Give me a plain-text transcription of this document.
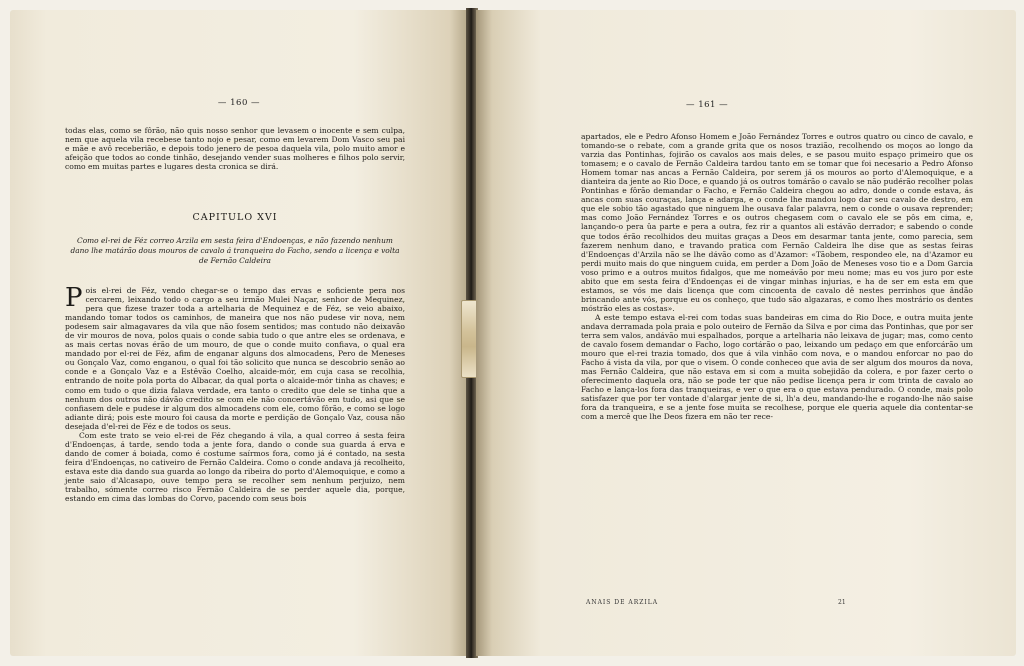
— 160 —

todas elas, como se fôrão, não quis nosso senhor que levasem o inocente e sem culpa, nem que aquela vila recebese tanto nojo e pesar, como em levarem Dom Vasco seu pai e mãe e avô receberião, e depois todo jenero de pesoa daquela vila, polo muito amor e afeição que todos ao conde tinhão, desejando vender suas molheres e filhos polo servir, como em muitas partes e lugares desta cronica se dirá.

CAPITULO XVI
Como el-rei de Féz correo Arzila em sesta feira d'Endoenças, e não fazendo nenhum dano lhe matárão dous mouros de cavalo á tranqueira do Facho, sendo a licença e volta de Fernão Caldeira

Pois el-rei de Féz, vendo chegar-se o tempo das ervas e soficiente pera nos cercarem, leixando todo o cargo a seu irmão Mulei Naçar, senhor de Mequinez, pera que fizese trazer toda a artelharia de Mequinez e de Féz, se veio abaixo, mandando tomar todos os caminhos, de maneira que nos não pudese vir nova, nem podesem sair almagavares da vila que não fosem sentidos; mas contudo não deixavão de vir mouros de nova, polos quais o conde sabia tudo o que antre eles se ordenava, e as mais certas novas érão de um mouro, de que o conde muito confiava, o qual era mandado por el-rei de Féz, afim de enganar alguns dos almocadens, Pero de Meneses ou Gonçalo Vaz, como enganou, o qual foi tão solicito que nunca se descobrio senão ao conde e a Gonçalo Vaz e a Estêvão Coelho, alcaide-mór, em cuja casa se recolhia, entrando de noite pola porta do Albacar, da qual porta o alcaide-mór tinha as chaves; e como em tudo o que dizia falava verdade, era tanto o credito que dele se tinha que a nenhum dos outros não dávão credito se com ele não concertávão em tudo, asi que se confiasem dele e pudese ir algum dos almocadens com ele, como fôrão, e como se logo adiante dirá; pois este mouro foi causa da morte e perdição de Gonçalo Vaz, cousa não desejada d'el-rei de Féz e de todos os seus.

Com este trato se veio el-rei de Féz chegando á vila, a qual correo á sesta feira d'Endoenças, á tarde, sendo toda a jente fora, dando o conde sua guarda á erva e dando de comer á boiada, como é costume saírmos fora, como já é contado, na sesta feira d'Endoenças, no cativeiro de Fernão Caldeira. Como o conde andava já recolheito, estava este dia dando sua guarda ao longo da ribeira do porto d'Alemoquique, e como a jente saio d'Alcasapo, ouve tempo pera se recolher sem nenhum perjuizo, nem trabalho, sómente correo risco Fernão Caldeira de se perder aquele dia, porque, estando em cima das lombas do Corvo, pacendo com seus bois

— 161 —

apartados, ele e Pedro Afonso Homem e João Fernández Torres e outros quatro ou cinco de cavalo, e tomando-se o rebate, com a grande grita que os nosos trazião, recolhendo os moços ao longo da varzia das Pontinhas, fojirão os cavalos aos mais deles, e se pasou muito espaço primeiro que os tomasem; e o cavalo de Fernão Caldeira tardou tanto em se tomar que foi necesario a Pedro Afonso Homem tomar nas ancas a Fernão Caldeira, por serem já os mouros ao porto d'Alemoquique, e a dianteira da jente ao Rio Doce, e quando já os outros tomárão o cavalo se não pudérão recolher polas Pontinhas e fôrão demandar o Facho, e Fernão Caldeira chegou ao adro, donde o conde estava, ás ancas com suas couraças, lança e adarga, e o conde lhe mandou logo dar seu cavalo de destro, em que ele sobio tão agastado que ninguem lhe ousava falar palavra, nem o conde o ousava reprender; mas como João Fernández Torres e os outros chegasem com o cavalo ele se pôs em cima, e, lançando-o pera ûa parte e pera a outra, fez rir a quantos ali estávão derrador; e sabendo o conde que todos érão recolhidos deu muitas graças a Deos em desarmar tanta jente, como parecia, sem fazerem nenhum dano, e travando pratica com Fernão Caldeira lhe dise que as sestas feiras d'Endoenças d'Arzila não se lhe dávão como as d'Azamor: «Tãobem, respondeo ele, na d'Azamor eu perdi muito mais do que ninguem cuida, em perder a Dom João de Meneses voso tio e a Dom Garcia voso primo e a outros muitos fidalgos, que me nomeávão por meu nome; mas eu vos juro por este abito que em sesta feira d'Endoenças ei de vingar minhas injurias, e ha de ser em esta em que estamos, se vós me dais licença que com cincoenta de cavalo dê nestes perrinhos que ândão brincando ante vós, porque eu os conheço, que tudo são algazaras, e como lhes mostrário os dentes móstrão eles as costas».

A este tempo estava el-rei com todas suas bandeiras em cima do Rio Doce, e outra muita jente andava derramada pola praia e polo outeiro de Fernão da Silva e por cima das Pontinhas, que por ser terra sem valos, andávão mui espalhados, porque a artelharia não leixava de jugar; mas, como cento de cavalo fosem demandar o Facho, logo cortárão o pao, leixando um pedaço em que enforcárão um mouro que el-rei trazia tomado, dos que á vila vinhão com nova, e o mandou enforcar no pao do Facho á vista da vila, por que o visem. O conde conheceo que avia de ser algum dos mouros da nova, mas Fernão Caldeira, que não estava em si com a muita sobejidão da colera, e por fazer certo o oferecimento daquela ora, não se pode ter que não pedise licença pera ir com trinta de cavalo ao Facho e lança-los fora das tranqueiras, e ver o que era o que estava pendurado. O conde, mais polo satisfazer que por ter vontade d'alargar jente de si, lh'a deu, mandando-lhe e rogando-lhe não saise fora da tranqueira, e se a jente fose muita se recolhese, porque ele queria aquele dia contentar-se com a mercê que lhe Deos fizera em não ter rece-

ANAIS DE ARZILA	21
